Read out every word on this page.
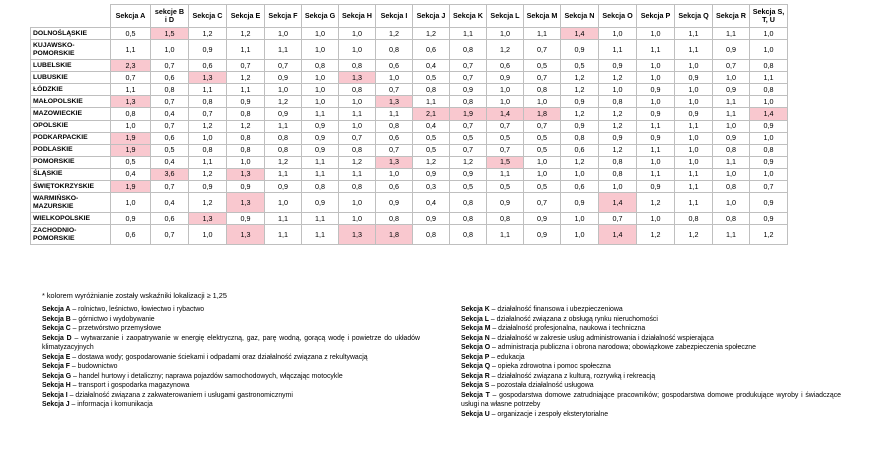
	Sekcja A	sekcje B i D	Sekcja C	Sekcja E	Sekcja F	Sekcja G	Sekcja H	Sekcja I	Sekcja J	Sekcja K	Sekcja L	Sekcja M	Sekcja N	Sekcja O	Sekcja P	Sekcja Q	Sekcja R	Sekcja S, T, U
DOLNOŚLĄSKIE	0,5	1,5	1,2	1,2	1,0	1,0	1,0	1,2	1,2	1,1	1,0	1,1	1,4	1,0	1,0	1,1	1,1	1,0
KUJAWSKO-POMORSKIE	1,1	1,0	0,9	1,1	1,1	1,0	1,0	0,8	0,6	0,8	1,2	0,7	0,9	1,1	1,1	1,1	0,9	1,0
LUBELSKIE	2,3	0,7	0,6	0,7	0,7	0,8	0,8	0,6	0,4	0,7	0,6	0,5	0,5	0,9	1,0	1,0	0,7	0,8
LUBUSKIE	0,7	0,6	1,3	1,2	0,9	1,0	1,3	1,0	0,5	0,7	0,9	0,7	1,2	1,2	1,0	0,9	1,0	1,1
ŁÓDZKIE	1,1	0,8	1,1	1,1	1,0	1,0	0,8	0,7	0,8	0,9	1,0	0,8	1,2	1,0	0,9	1,0	0,9	0,8
MAŁOPOLSKIE	1,3	0,7	0,8	0,9	1,2	1,0	1,0	1,3	1,1	0,8	1,0	1,0	0,9	0,8	1,0	1,0	1,1	1,0
MAZOWIECKIE	0,8	0,4	0,7	0,8	0,9	1,1	1,1	1,1	2,1	1,9	1,4	1,8	1,2	1,2	0,9	0,9	1,1	1,4
OPOLSKIE	1,0	0,7	1,2	1,2	1,1	0,9	1,0	0,8	0,4	0,7	0,7	0,7	0,9	1,2	1,1	1,1	1,0	0,9
PODKARPACKIE	1,9	0,6	1,0	0,8	0,8	0,9	0,7	0,6	0,5	0,5	0,5	0,5	0,8	0,9	0,9	1,0	0,9	1,0
PODLASKIE	1,9	0,5	0,8	0,8	0,8	0,9	0,8	0,7	0,5	0,7	0,7	0,5	0,6	1,2	1,1	1,0	0,8	0,8
POMORSKIE	0,5	0,4	1,1	1,0	1,2	1,1	1,2	1,3	1,2	1,2	1,5	1,0	1,2	0,8	1,0	1,0	1,1	0,9
ŚLĄSKIE	0,4	3,6	1,2	1,3	1,1	1,1	1,1	1,0	0,9	0,9	1,1	1,0	1,0	0,8	1,1	1,1	1,0	1,0
ŚWIĘTOKRZYSKIE	1,9	0,7	0,9	0,9	0,9	0,8	0,8	0,6	0,3	0,5	0,5	0,5	0,6	1,0	0,9	1,1	0,8	0,7
WARMIŃSKO-MAZURSKIE	1,0	0,4	1,2	1,3	1,0	0,9	1,0	0,9	0,4	0,8	0,9	0,7	0,9	1,4	1,2	1,1	1,0	0,9
WIELKOPOLSKIE	0,9	0,6	1,3	0,9	1,1	1,1	1,0	0,8	0,9	0,8	0,8	0,9	1,0	0,7	1,0	0,8	0,8	0,9
ZACHODNIO-POMORSKIE	0,6	0,7	1,0	1,3	1,1	1,1	1,3	1,8	0,8	0,8	1,1	0,9	1,0	1,4	1,2	1,2	1,1	1,2
* kolorem wyróżnianie zostały wskaźniki lokalizacji ≥ 1,25
Sekcja A – rolnictwo, leśnictwo, łowiectwo i rybactwo
Sekcja B – górnictwo i wydobywanie
Sekcja C – przetwórstwo przemysłowe
Sekcja D – wytwarzanie i zaopatrywanie w energię elektryczną, gaz, parę wodną, gorącą wodę i powietrze do układów klimatyzacyjnych
Sekcja E – dostawa wody; gospodarowanie ściekami i odpadami oraz działalność związana z rekultywacją
Sekcja F – budownictwo
Sekcja G – handel hurtowy i detaliczny; naprawa pojazdów samochodowych, włączając motocykle
Sekcja H – transport i gospodarka magazynowa
Sekcja I – działalność związana z zakwaterowaniem i usługami gastronomicznymi
Sekcja J – informacja i komunikacja
Sekcja K – działalność finansowa i ubezpieczeniowa
Sekcja L – działalność związana z obsługą rynku nieruchomości
Sekcja M – działalność profesjonalna, naukowa i techniczna
Sekcja N – działalność w zakresie usług administrowania i działalność wspierająca
Sekcja O – administracja publiczna i obrona narodowa; obowiązkowe zabezpieczenia społeczne
Sekcja P – edukacja
Sekcja Q – opieka zdrowotna i pomoc społeczna
Sekcja R – działalność związana z kulturą, rozrywką i rekreacją
Sekcja S – pozostała działalność usługowa
Sekcja T – gospodarstwa domowe zatrudniające pracowników; gospodarstwa domowe produkujące wyroby i świadczące usługi na własne potrzeby
Sekcja U – organizacje i zespoły eksterytorialne
